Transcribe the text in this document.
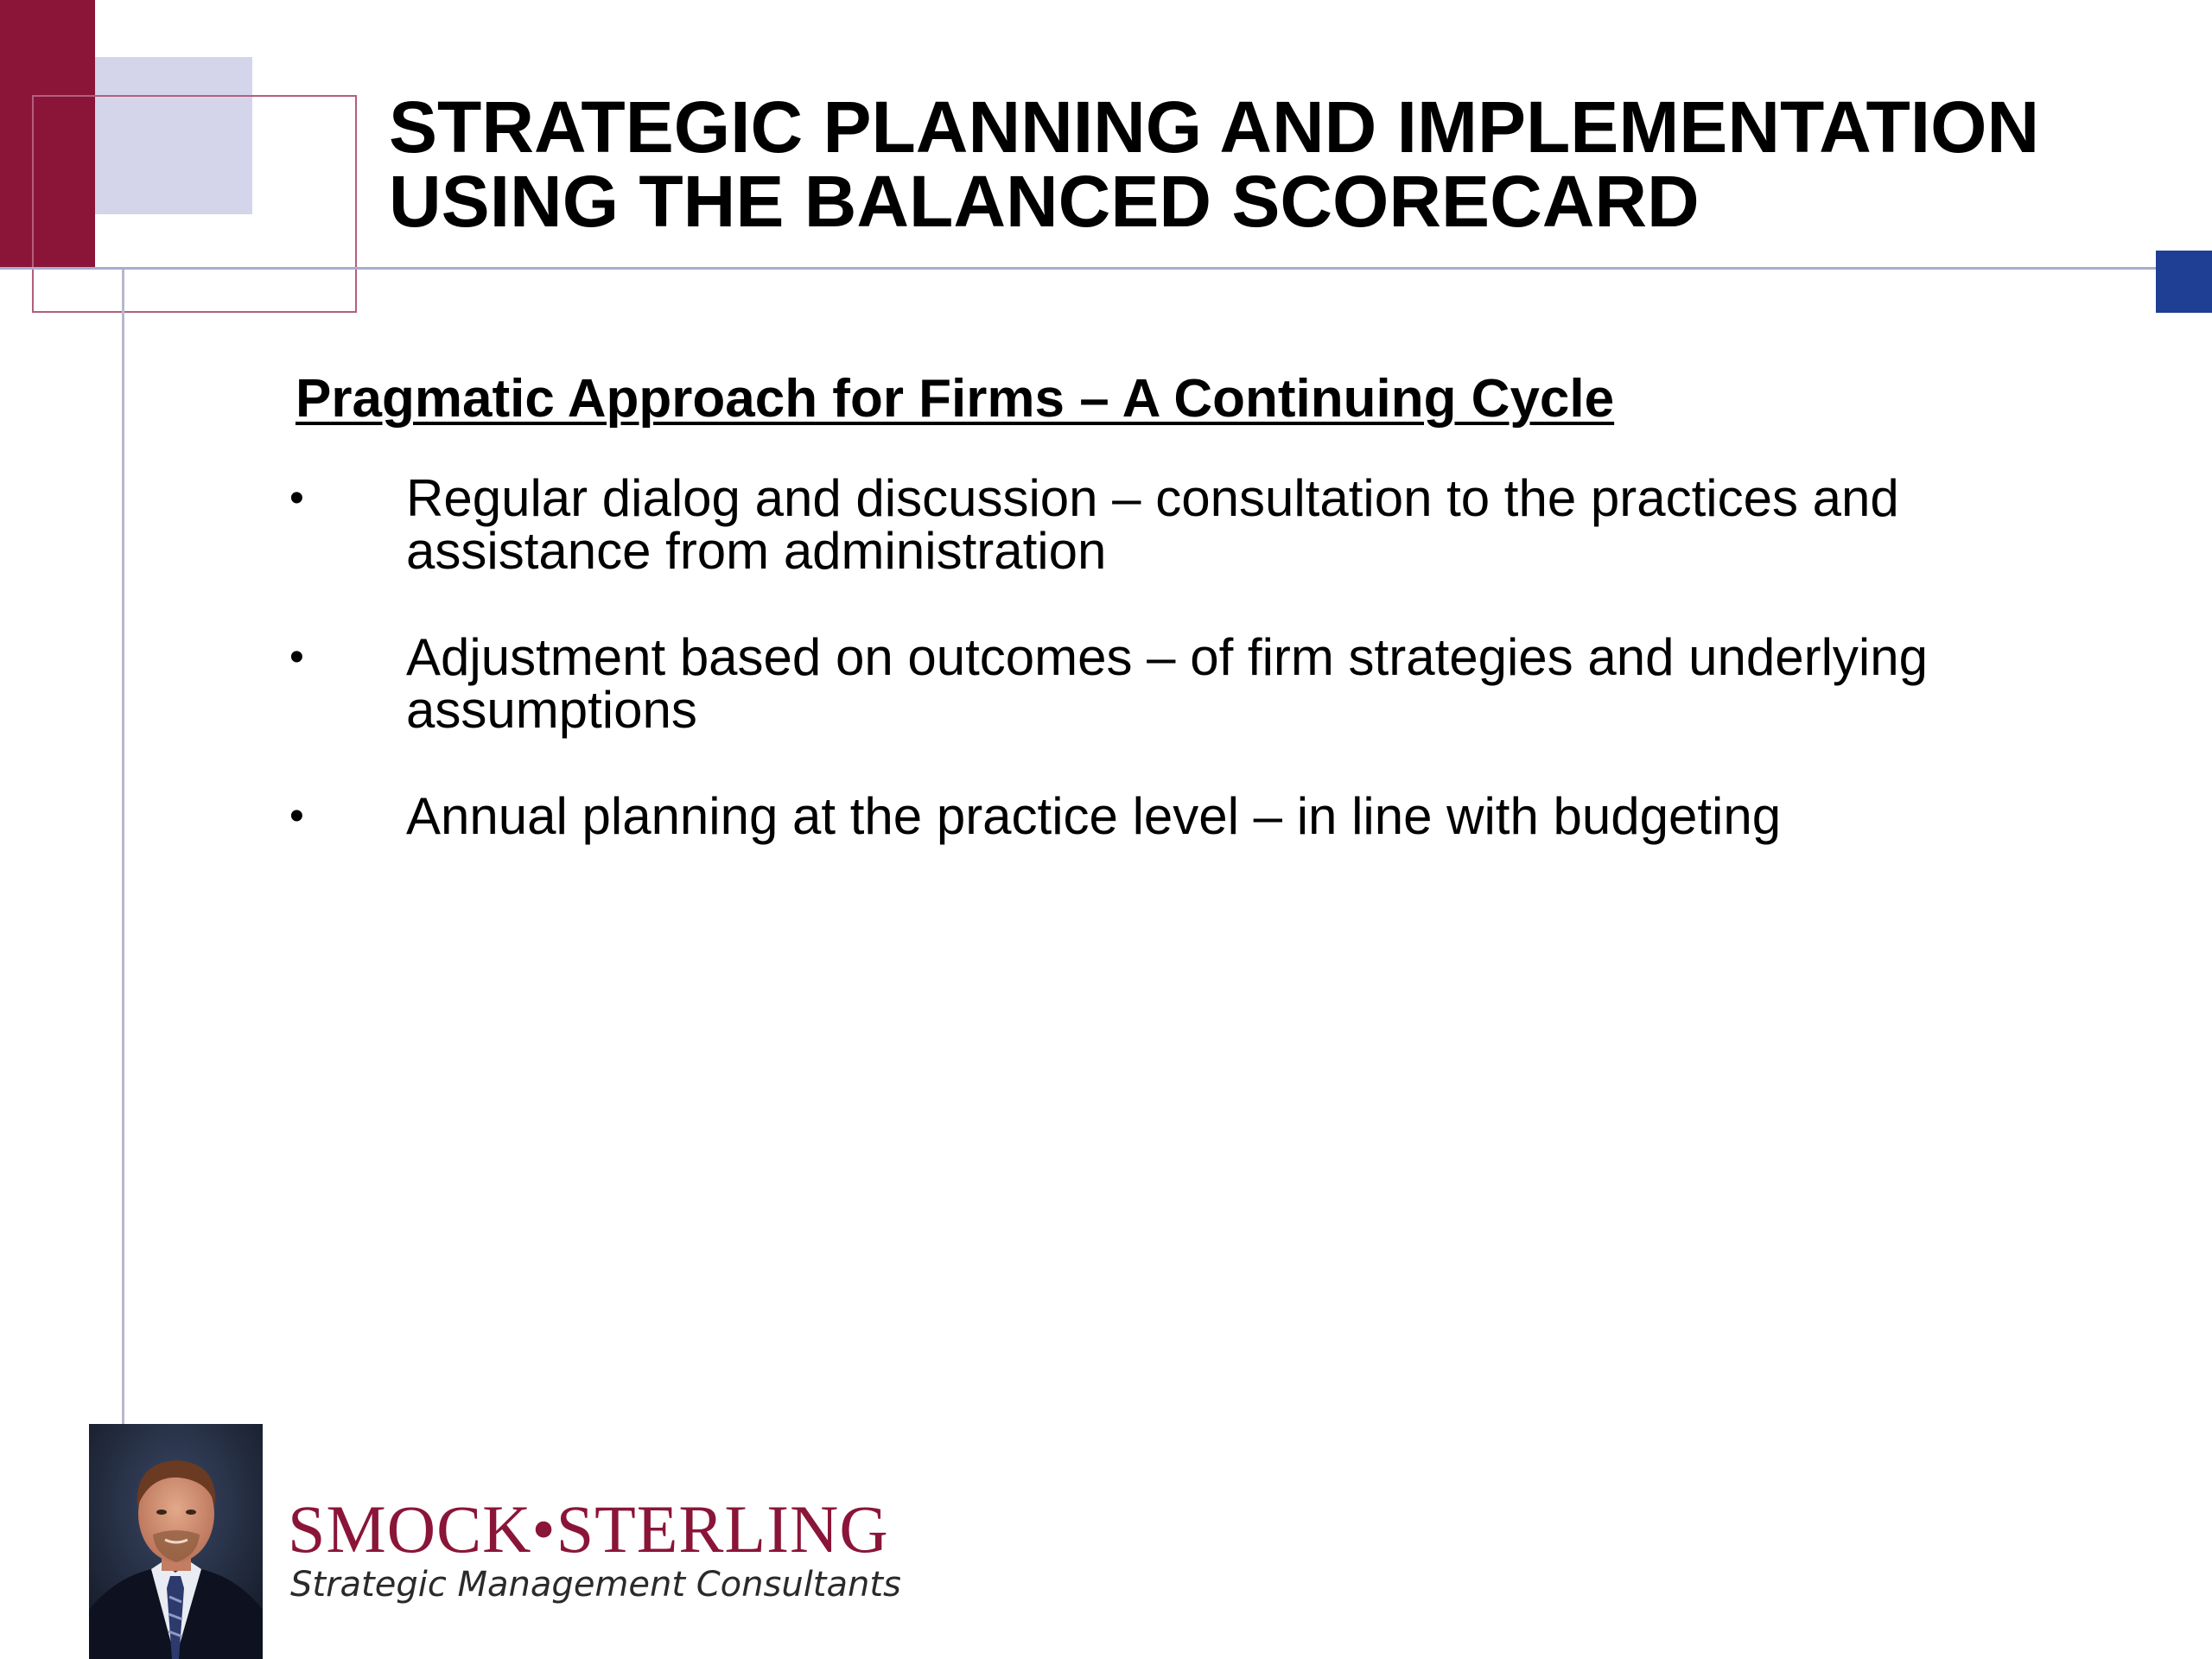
STRATEGIC PLANNING AND IMPLEMENTATION
USING THE BALANCED SCORECARD
Pragmatic Approach for Firms – A Continuing Cycle
• Regular dialog and discussion – consultation to the practices and assistance from administration
• Adjustment based on outcomes – of firm strategies and underlying assumptions
• Annual planning at the practice level – in line with budgeting
SMOCK•STERLING
Strategic Management Consultants
